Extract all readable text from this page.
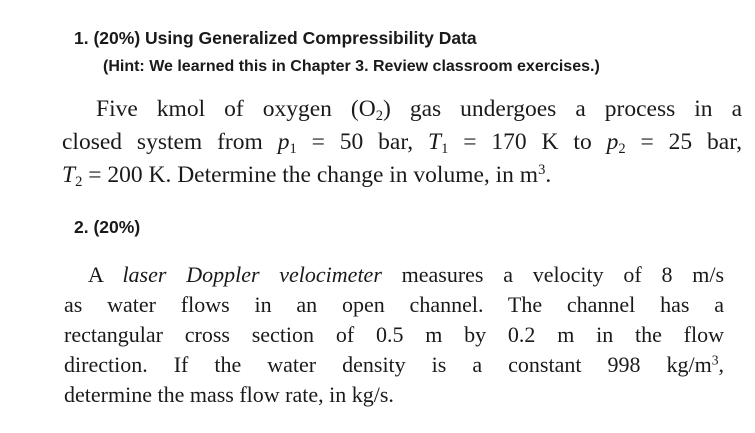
1. (20%) Using Generalized Compressibility Data
(Hint: We learned this in Chapter 3. Review classroom exercises.)
Five kmol of oxygen $(O_2)$ gas undergoes a process in a
closed system from $p_1 = 50$ bar, $T_1 = 170$ K to $p_2 = 25$ bar,
$T_2 = 200$ K. Determine the change in volume, in $m^3$.
2. (20%)
A laser Doppler velocimeter measures a velocity of 8 m/s
as water flows in an open channel. The channel has a
rectangular cross section of 0.5 m by 0.2 m in the flow
direction. If the water density is a constant 998 $kg/m^3$,
determine the mass flow rate, in kg/s.
